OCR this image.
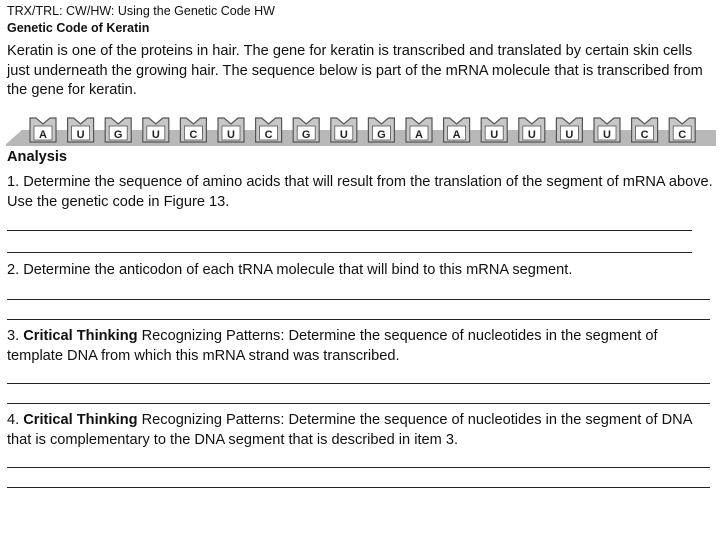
TRX/TRL: CW/HW: Using the Genetic Code HW
Genetic Code of Keratin
Keratin is one of the proteins in hair. The gene for keratin is transcribed and translated by certain skin cells just underneath the growing hair. The sequence below is part of the mRNA molecule that is transcribed from the gene for keratin.
A	U	G	U	C	U	C	G	U	G	A	A	U	U	U	U	C	C
Analysis
1. Determine the sequence of amino acids that will result from the translation of the segment of mRNA above. Use the genetic code in Figure 13.
2. Determine the anticodon of each tRNA molecule that will bind to this mRNA segment.
3. Critical Thinking Recognizing Patterns: Determine the sequence of nucleotides in the segment of template DNA from which this mRNA strand was transcribed.
4. Critical Thinking Recognizing Patterns: Determine the sequence of nucleotides in the segment of DNA that is complementary to the DNA segment that is described in item 3.
